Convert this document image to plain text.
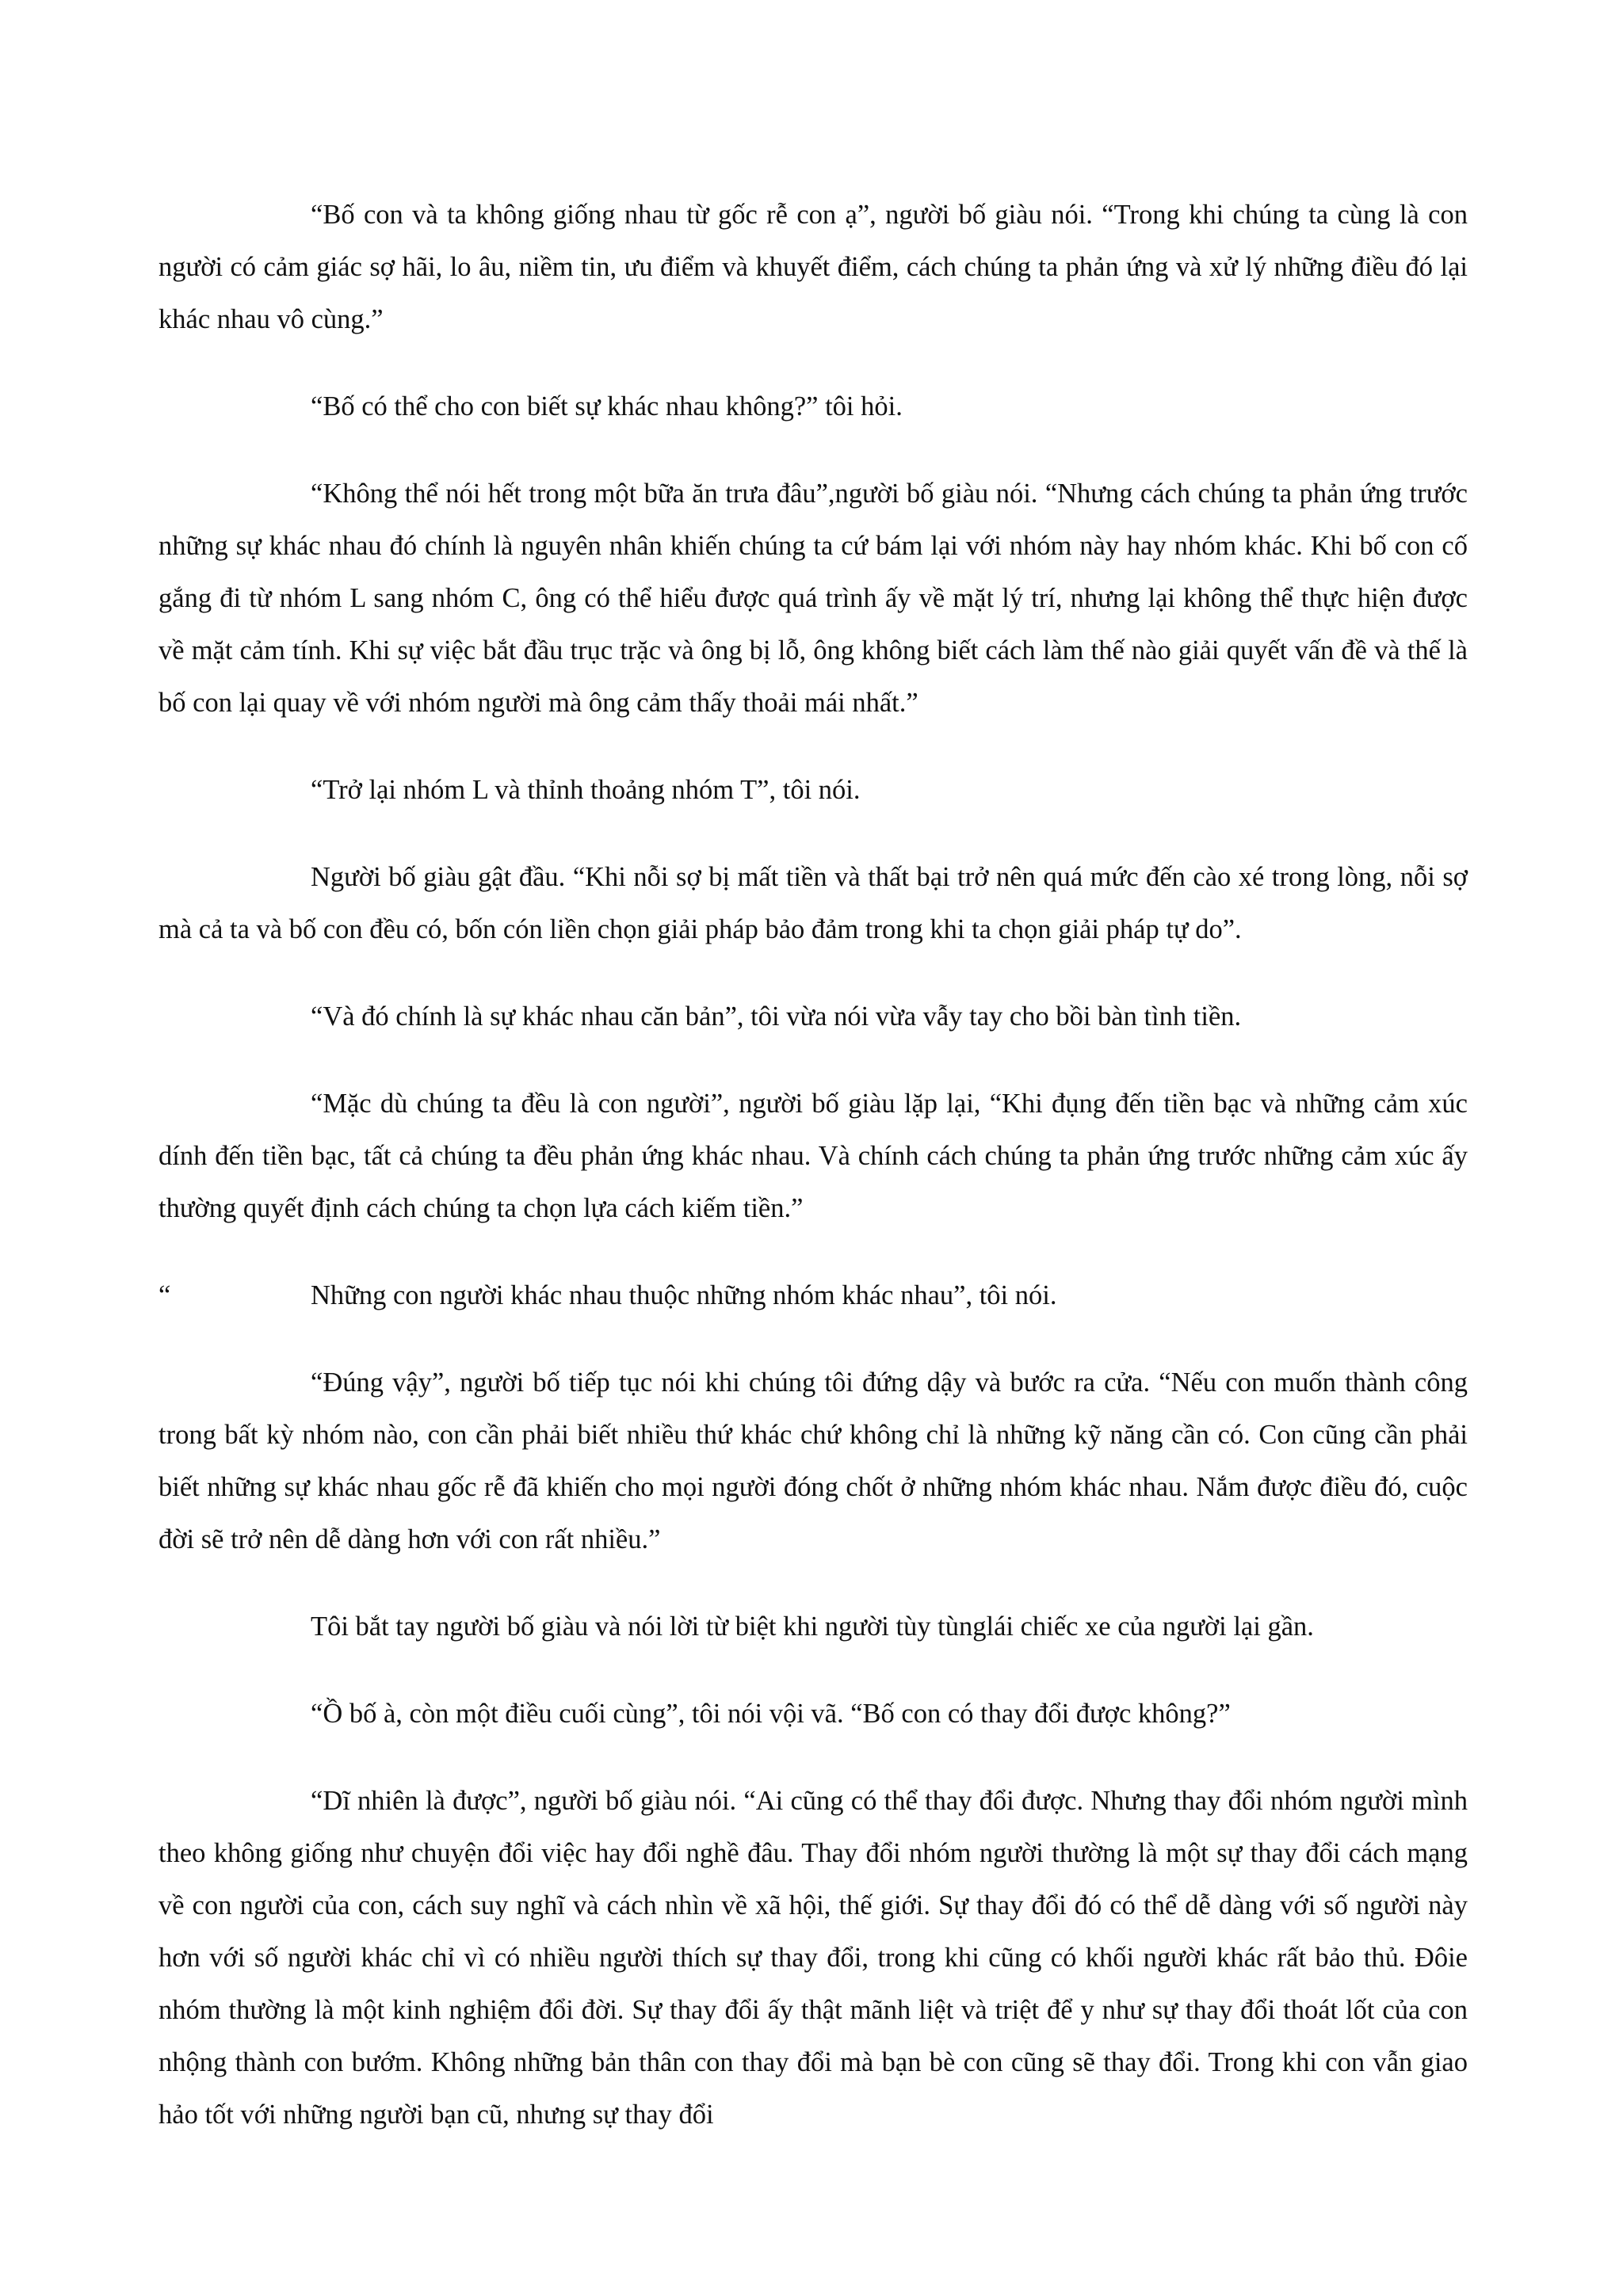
“Bố con và ta không giống nhau từ gốc rễ con ạ”, người bố giàu nói. “Trong khi chúng ta cùng là con người có cảm giác sợ hãi, lo âu, niềm tin, ưu điểm và khuyết điểm, cách chúng ta phản ứng và xử lý những điều đó lại khác nhau vô cùng.”

“Bố có thể cho con biết sự khác nhau không?” tôi hỏi.

“Không thể nói hết trong một bữa ăn trưa đâu”,người bố giàu nói. “Nhưng cách chúng ta phản ứng trước những sự khác nhau đó chính là nguyên nhân khiến chúng ta cứ bám lại với nhóm này hay nhóm khác. Khi bố con cố gắng đi từ nhóm L sang nhóm C, ông có thể hiểu được quá trình ấy về mặt lý trí, nhưng lại không thể thực hiện được về mặt cảm tính. Khi sự việc bắt đầu trục trặc và ông bị lỗ, ông không biết cách làm thế nào giải quyết vấn đề và thế là bố con lại quay về với nhóm người mà ông cảm thấy thoải mái nhất.”

“Trở lại nhóm L và thỉnh thoảng nhóm T”, tôi nói.

Người bố giàu gật đầu. “Khi nỗi sợ bị mất tiền và thất bại trở nên quá mức đến cào xé trong lòng, nỗi sợ mà cả ta và bố con đều có, bốn cón liền chọn giải pháp bảo đảm trong khi ta chọn giải pháp tự do”.

“Và đó chính là sự khác nhau căn bản”, tôi vừa nói vừa vẫy tay cho bồi bàn tình tiền.

“Mặc dù chúng ta đều là con người”, người bố giàu lặp lại, “Khi đụng đến tiền bạc và những cảm xúc dính đến tiền bạc, tất cả chúng ta đều phản ứng khác nhau. Và chính cách chúng ta phản ứng trước những cảm xúc ấy thường quyết định cách chúng ta chọn lựa cách kiếm tiền.”

“	Những con người khác nhau thuộc những nhóm khác nhau”, tôi nói.

“Đúng vậy”, người bố tiếp tục nói khi chúng tôi đứng dậy và bước ra cửa. “Nếu con muốn thành công trong bất kỳ nhóm nào, con cần phải biết nhiều thứ khác chứ không chỉ là những kỹ năng cần có. Con cũng cần phải biết những sự khác nhau gốc rễ đã khiến cho mọi người đóng chốt ở những nhóm khác nhau. Nắm được điều đó, cuộc đời sẽ trở nên dễ dàng hơn với con rất nhiều.”

Tôi bắt tay người bố giàu và nói lời từ biệt khi người tùy tùnglái chiếc xe của người lại gần.

“Ồ bố à, còn một điều cuối cùng”, tôi nói vội vã. “Bố con có thay đổi được không?”

“Dĩ nhiên là được”, người bố giàu nói. “Ai cũng có thể thay đổi được. Nhưng thay đổi nhóm người mình theo không giống như chuyện đổi việc hay đổi nghề đâu. Thay đổi nhóm người thường là một sự thay đổi cách mạng về con người của con, cách suy nghĩ và cách nhìn về xã hội, thế giới. Sự thay đổi đó có thể dễ dàng với số người này hơn với số người khác chỉ vì có nhiều người thích sự thay đổi, trong khi cũng có khối người khác rất bảo thủ. Đôie nhóm thường là một kinh nghiệm đổi đời. Sự thay đổi ấy thật mãnh liệt và triệt để y như sự thay đổi thoát lốt của con nhộng thành con bướm. Không những bản thân con thay đổi mà bạn bè con cũng sẽ thay đổi. Trong khi con vẫn giao hảo tốt với những người bạn cũ, nhưng sự thay đổi
